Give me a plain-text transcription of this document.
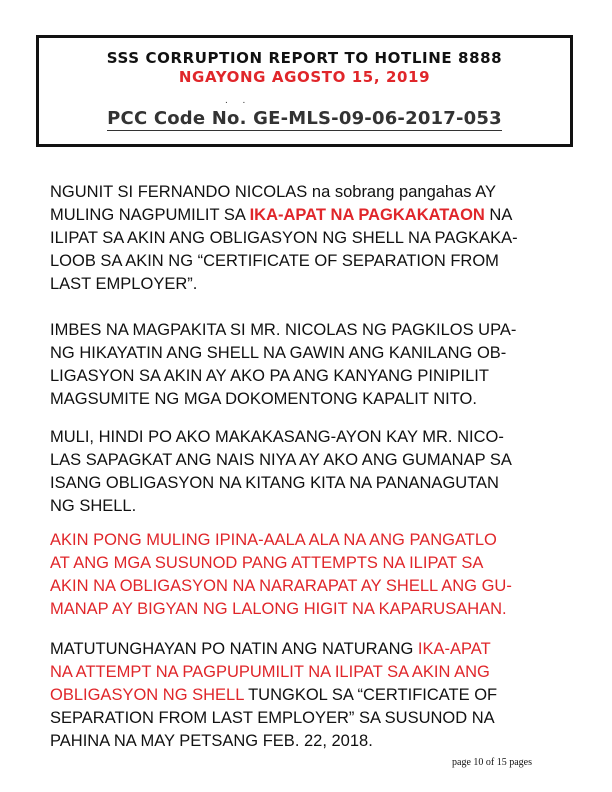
SSS CORRUPTION REPORT TO HOTLINE 8888
NGAYONG AGOSTO 15, 2019
. .
PCC Code No. GE-MLS-09-06-2017-053

NGUNIT SI FERNANDO NICOLAS na sobrang pangahas AY
MULING NAGPUMILIT SA IKA-APAT NA PAGKAKATAON NA
ILIPAT SA AKIN ANG OBLIGASYON NG SHELL NA PAGKAKA-
LOOB SA AKIN NG “CERTIFICATE OF SEPARATION FROM
LAST EMPLOYER”.

IMBES NA MAGPAKITA SI MR. NICOLAS NG PAGKILOS UPA-
NG HIKAYATIN ANG SHELL NA GAWIN ANG KANILANG OB-
LIGASYON SA AKIN AY AKO PA ANG KANYANG PINIPILIT
MAGSUMITE NG MGA DOKOMENTONG KAPALIT NITO.

MULI, HINDI PO AKO MAKAKASANG-AYON KAY MR. NICO-
LAS SAPAGKAT ANG NAIS NIYA AY AKO ANG GUMANAP SA
ISANG OBLIGASYON NA KITANG KITA NA PANANAGUTAN
NG SHELL.

AKIN PONG MULING IPINA-AALA ALA NA ANG PANGATLO
AT ANG MGA SUSUNOD PANG ATTEMPTS NA ILIPAT SA
AKIN NA OBLIGASYON NA NARARAPAT AY SHELL ANG GU-
MANAP AY BIGYAN NG LALONG HIGIT NA KAPARUSAHAN.

MATUTUNGHAYAN PO NATIN ANG NATURANG IKA-APAT
NA ATTEMPT NA PAGPUPUMILIT NA ILIPAT SA AKIN ANG
OBLIGASYON NG SHELL TUNGKOL SA “CERTIFICATE OF
SEPARATION FROM LAST EMPLOYER” SA SUSUNOD NA
PAHINA NA MAY PETSANG FEB. 22, 2018.

page 10 of 15 pages
